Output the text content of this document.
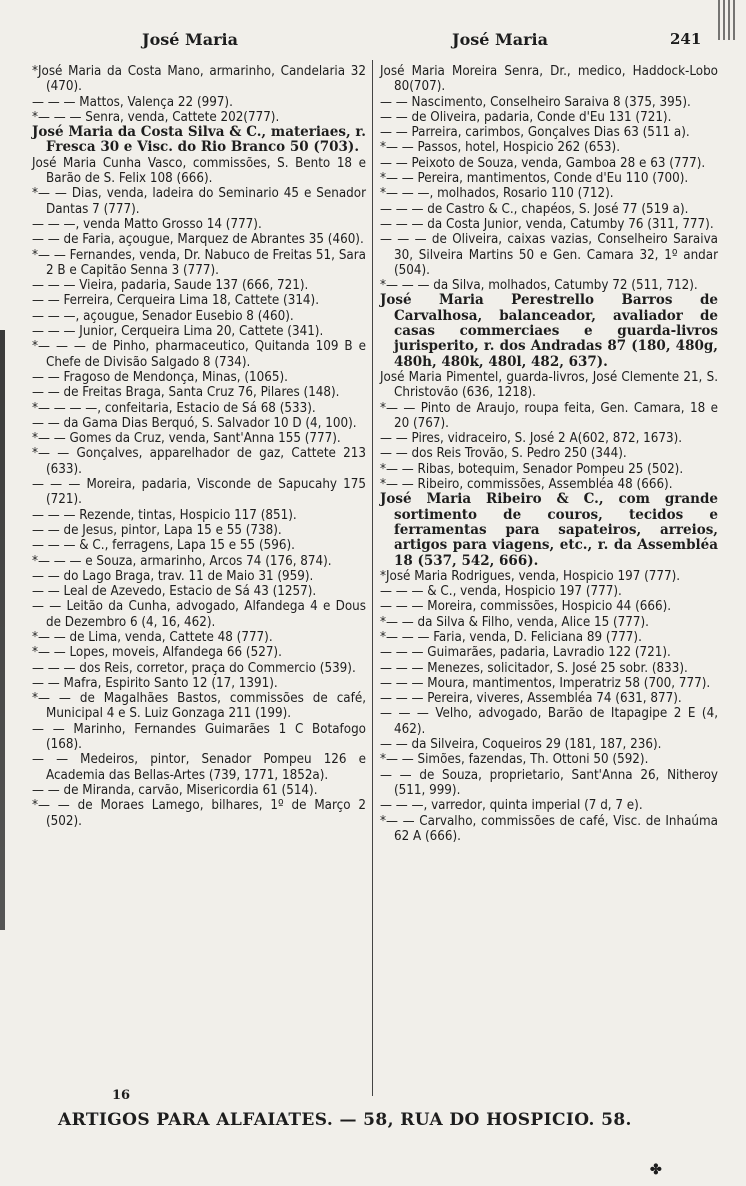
José Maria	José Maria	241

*José Maria da Costa Mano, armarinho, Candelaria 32 (470).

— — — Mattos, Valença 22 (997).

*— — — Senra, venda, Cattete 202(777).

José Maria da Costa Silva & C., materiaes, r. Fresca 30 e Visc. do Rio Branco 50 (703).

José Maria Cunha Vasco, commissões, S. Bento 18 e Barão de S. Felix 108 (666).

*— — Dias, venda, ladeira do Seminario 45 e Senador Dantas 7 (777).

— — —, venda Matto Grosso 14 (777).

— — de Faria, açougue, Marquez de Abrantes 35 (460).

*— — Fernandes, venda, Dr. Nabuco de Freitas 51, Sara 2 B e Capitão Senna 3 (777).

— — — Vieira, padaria, Saude 137 (666, 721).

— — Ferreira, Cerqueira Lima 18, Cattete (314).

— — —, açougue, Senador Eusebio 8 (460).

— — — Junior, Cerqueira Lima 20, Cattete (341).

*— — — de Pinho, pharmaceutico, Quitanda 109 B e Chefe de Divisão Salgado 8 (734).

— — Fragoso de Mendonça, Minas, (1065).

— — de Freitas Braga, Santa Cruz 76, Pilares (148).

*— — — —, confeitaria, Estacio de Sá 68 (533).

— — da Gama Dias Berquó, S. Salvador 10 D (4, 100).

*— — Gomes da Cruz, venda, Sant'Anna 155 (777).

*— — Gonçalves, apparelhador de gaz, Cattete 213 (633).

— — — Moreira, padaria, Visconde de Sapucahy 175 (721).

— — — Rezende, tintas, Hospicio 117 (851).

— — de Jesus, pintor, Lapa 15 e 55 (738).

— — — & C., ferragens, Lapa 15 e 55 (596).

*— — — e Souza, armarinho, Arcos 74 (176, 874).

— — do Lago Braga, trav. 11 de Maio 31 (959).

— — Leal de Azevedo, Estacio de Sá 43 (1257).

— — Leitão da Cunha, advogado, Alfandega 4 e Dous de Dezembro 6 (4, 16, 462).

*— — de Lima, venda, Cattete 48 (777).

*— — Lopes, moveis, Alfandega 66 (527).

— — — dos Reis, corretor, praça do Commercio (539).

— — Mafra, Espirito Santo 12 (17, 1391).

*— — de Magalhães Bastos, commissões de café, Municipal 4 e S. Luiz Gonzaga 211 (199).

— — Marinho, Fernandes Guimarães 1 C Botafogo (168).

— — Medeiros, pintor, Senador Pompeu 126 e Academia das Bellas-Artes (739, 1771, 1852a).

— — de Miranda, carvão, Misericordia 61 (514).

*— — de Moraes Lamego, bilhares, 1º de Março 2 (502).

José Maria Moreira Senra, Dr., medico, Haddock-Lobo 80(707).

— — Nascimento, Conselheiro Saraiva 8 (375, 395).

— — de Oliveira, padaria, Conde d'Eu 131 (721).

— — Parreira, carimbos, Gonçalves Dias 63 (511 a).

*— — Passos, hotel, Hospicio 262 (653).

— — Peixoto de Souza, venda, Gamboa 28 e 63 (777).

*— — Pereira, mantimentos, Conde d'Eu 110 (700).

*— — —, molhados, Rosario 110 (712).

— — — de Castro & C., chapéos, S. José 77 (519 a).

— — — da Costa Junior, venda, Catumby 76 (311, 777).

— — — de Oliveira, caixas vazias, Conselheiro Saraiva 30, Silveira Martins 50 e Gen. Camara 32, 1º andar (504).

*— — — da Silva, molhados, Catumby 72 (511, 712).

José Maria Perestrello Barros de Carvalhosa, balanceador, avaliador de casas commerciaes e guarda-livros jurisperito, r. dos Andradas 87 (180, 480g, 480h, 480k, 480l, 482, 637).

José Maria Pimentel, guarda-livros, José Clemente 21, S. Christovão (636, 1218).

*— — Pinto de Araujo, roupa feita, Gen. Camara, 18 e 20 (767).

— — Pires, vidraceiro, S. José 2 A(602, 872, 1673).

— — dos Reis Trovão, S. Pedro 250 (344).

*— — Ribas, botequim, Senador Pompeu 25 (502).

*— — Ribeiro, commissões, Assembléa 48 (666).

José Maria Ribeiro & C., com grande sortimento de couros, tecidos e ferramentas para sapateiros, arreios, artigos para viagens, etc., r. da Assembléa 18 (537, 542, 666).

*José Maria Rodrigues, venda, Hospicio 197 (777).

— — — & C., venda, Hospicio 197 (777).

— — — Moreira, commissões, Hospicio 44 (666).

*— — da Silva & Filho, venda, Alice 15 (777).

*— — — Faria, venda, D. Feliciana 89 (777).

— — — Guimarães, padaria, Lavradio 122 (721).

— — — Menezes, solicitador, S. José 25 sobr. (833).

— — — Moura, mantimentos, Imperatriz 58 (700, 777).

— — — Pereira, viveres, Assembléa 74 (631, 877).

— — — Velho, advogado, Barão de Itapagipe 2 E (4, 462).

— — da Silveira, Coqueiros 29 (181, 187, 236).

*— — Simões, fazendas, Th. Ottoni 50 (592).

— — de Souza, proprietario, Sant'Anna 26, Nitheroy (511, 999).

— — —, varredor, quinta imperial (7 d, 7 e).

*— — Carvalho, commissões de café, Visc. de Inhaúma 62 A (666).

16
ARTIGOS PARA ALFAIATES. — 58, RUA DO HOSPICIO. 58.
✤
